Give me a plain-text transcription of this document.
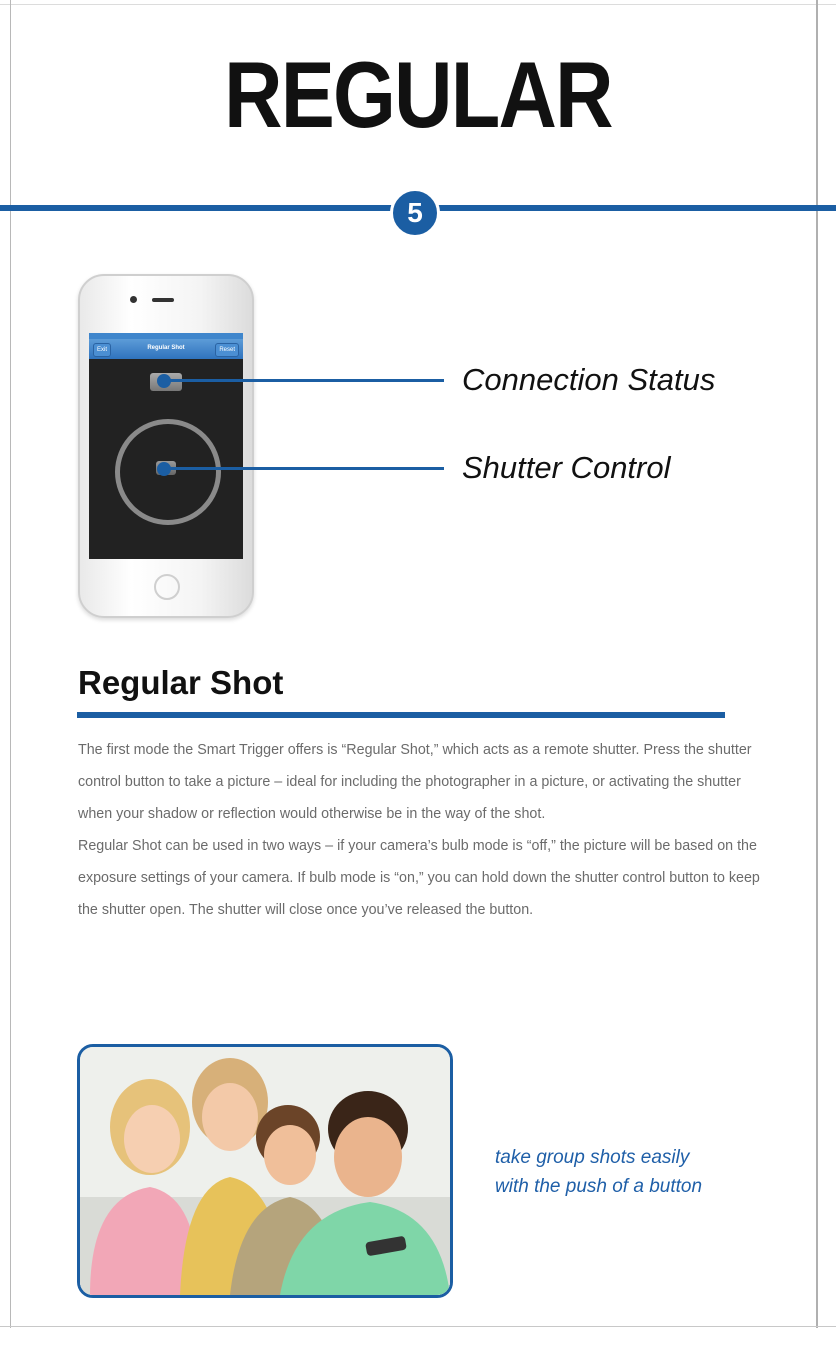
REGULAR
5
Exit	Regular Shot	Reset
Connection Status
Shutter Control
Regular Shot

The first mode the Smart Trigger offers is “Regular Shot,” which acts as a remote shutter. Press the shutter control button to take a picture – ideal for including the photographer in a picture, or activating the shutter when your shadow or reflection would otherwise be in the way of the shot.

Regular Shot can be used in two ways – if your camera’s bulb mode is “off,” the picture will be based on the exposure settings of your camera. If bulb mode is “on,” you can hold down the shutter control button to keep the shutter open. The shutter will close once you’ve released the button.

take group shots easily
with the push of a button
